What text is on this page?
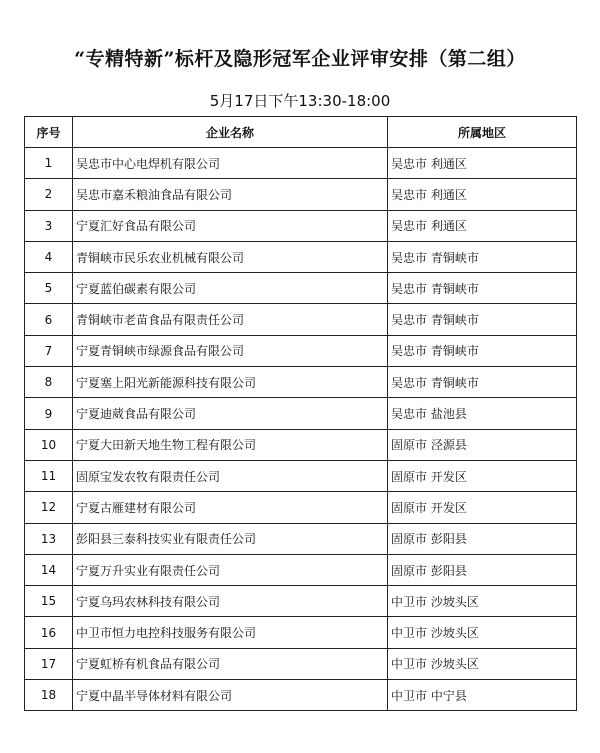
“专精特新”标杆及隐形冠军企业评审安排（第二组）
5月17日下午13:30-18:00
序号	企业名称	所属地区
1	吴忠市中心电焊机有限公司	吴忠市 利通区
2	吴忠市嘉禾粮油食品有限公司	吴忠市 利通区
3	宁夏汇好食品有限公司	吴忠市 利通区
4	青铜峡市民乐农业机械有限公司	吴忠市 青铜峡市
5	宁夏蓝伯碳素有限公司	吴忠市 青铜峡市
6	青铜峡市老苗食品有限责任公司	吴忠市 青铜峡市
7	宁夏青铜峡市绿源食品有限公司	吴忠市 青铜峡市
8	宁夏塞上阳光新能源科技有限公司	吴忠市 青铜峡市
9	宁夏迪葳食品有限公司	吴忠市 盐池县
10	宁夏大田新天地生物工程有限公司	固原市 泾源县
11	固原宝发农牧有限责任公司	固原市 开发区
12	宁夏古雁建材有限公司	固原市 开发区
13	彭阳县三泰科技实业有限责任公司	固原市 彭阳县
14	宁夏万升实业有限责任公司	固原市 彭阳县
15	宁夏乌玛农林科技有限公司	中卫市 沙坡头区
16	中卫市恒力电控科技服务有限公司	中卫市 沙坡头区
17	宁夏虹桥有机食品有限公司	中卫市 沙坡头区
18	宁夏中晶半导体材料有限公司	中卫市 中宁县
